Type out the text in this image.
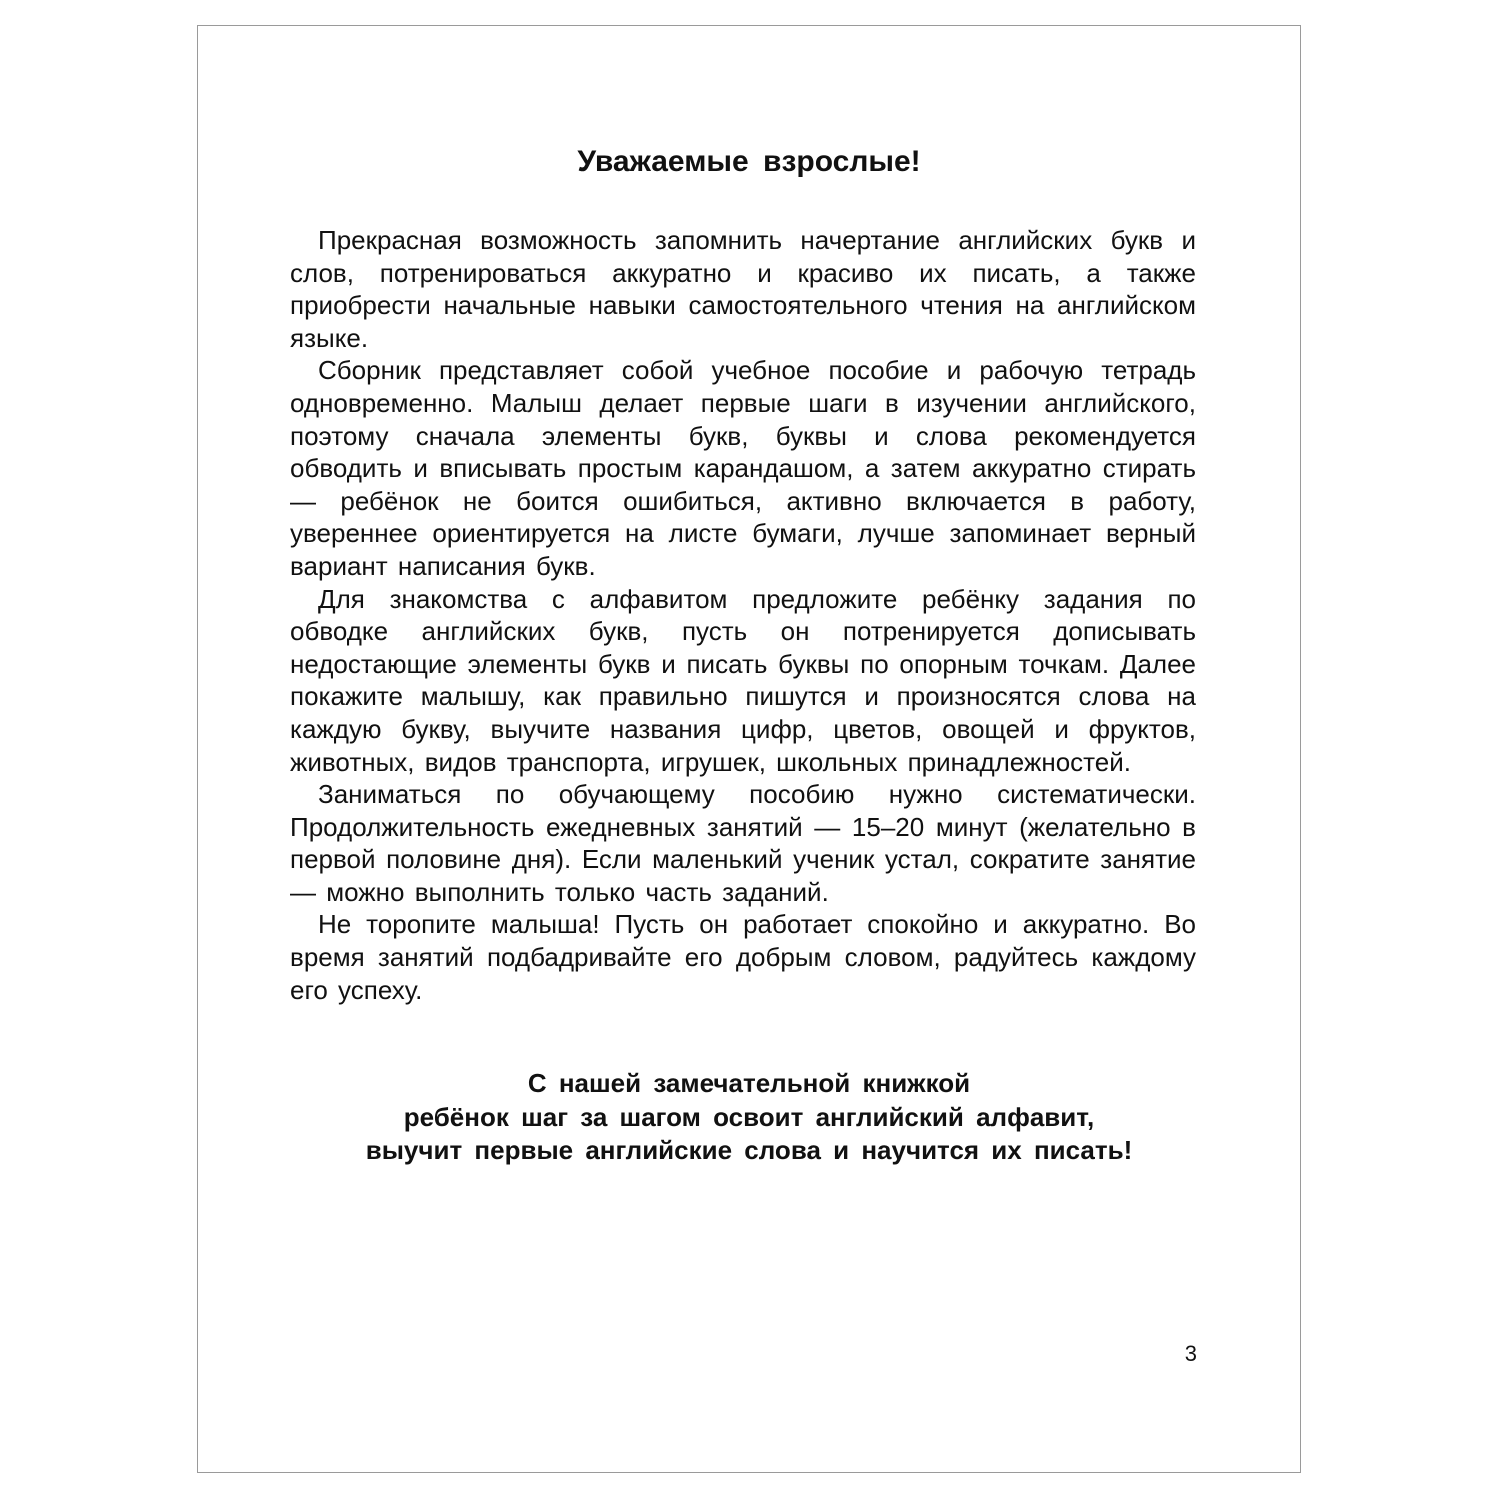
Уважаемые взрослые!

Прекрасная возможность запомнить начертание английских букв и слов, потренироваться аккуратно и красиво их писать, а также приобрести начальные навыки самостоятельного чтения на английском языке.

Сборник представляет собой учебное пособие и рабочую тетрадь одновременно. Малыш делает первые шаги в изучении английского, поэтому сначала элементы букв, буквы и слова рекомендуется обводить и вписывать простым карандашом, а затем аккуратно стирать — ребёнок не боится ошибиться, активно включается в работу, увереннее ориентируется на листе бумаги, лучше запоминает верный вариант написания букв.

Для знакомства с алфавитом предложите ребёнку задания по обводке английских букв, пусть он потренируется дописывать недостающие элементы букв и писать буквы по опорным точкам. Далее покажите малышу, как правильно пишутся и произносятся слова на каждую букву, выучите названия цифр, цветов, овощей и фруктов, животных, видов транспорта, игрушек, школьных принадлежностей.

Заниматься по обучающему пособию нужно систематически. Продолжительность ежедневных занятий — 15–20 минут (желательно в первой половине дня). Если маленький ученик устал, сократите занятие — можно выполнить только часть заданий.

Не торопите малыша! Пусть он работает спокойно и аккуратно. Во время занятий подбадривайте его добрым словом, радуйтесь каждому его успеху.

С нашей замечательной книжкой
ребёнок шаг за шагом освоит английский алфавит,
выучит первые английские слова и научится их писать!
3
